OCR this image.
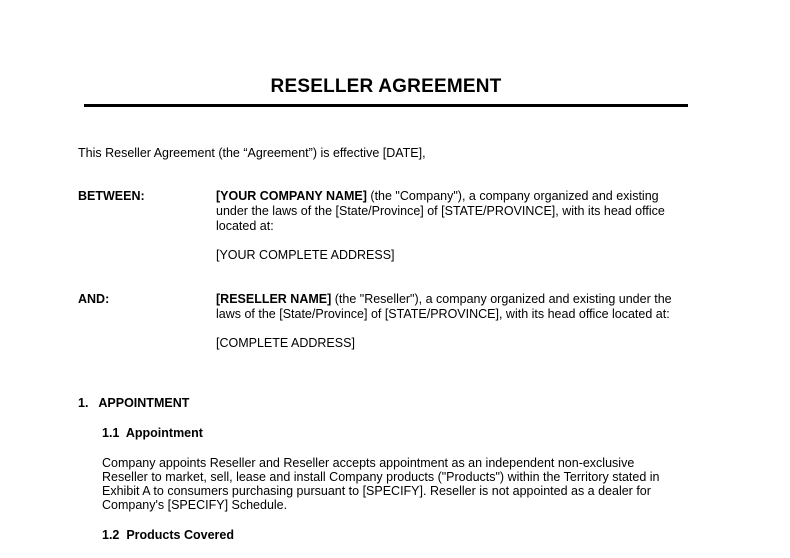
RESELLER AGREEMENT
This Reseller Agreement (the “Agreement”) is effective [DATE],
BETWEEN:	[YOUR COMPANY NAME] (the "Company"), a company organized and existing
under the laws of the [State/Province] of [STATE/PROVINCE], with its head office
located at:
[YOUR COMPLETE ADDRESS]
AND:	[RESELLER NAME] (the "Reseller"), a company organized and existing under the
laws of the [State/Province] of [STATE/PROVINCE], with its head office located at:
[COMPLETE ADDRESS]
1.   APPOINTMENT
1.1  Appointment
Company appoints Reseller and Reseller accepts appointment as an independent non-exclusive
Reseller to market, sell, lease and install Company products ("Products") within the Territory stated in
Exhibit A to consumers purchasing pursuant to [SPECIFY]. Reseller is not appointed as a dealer for
Company's [SPECIFY] Schedule.
1.2  Products Covered
